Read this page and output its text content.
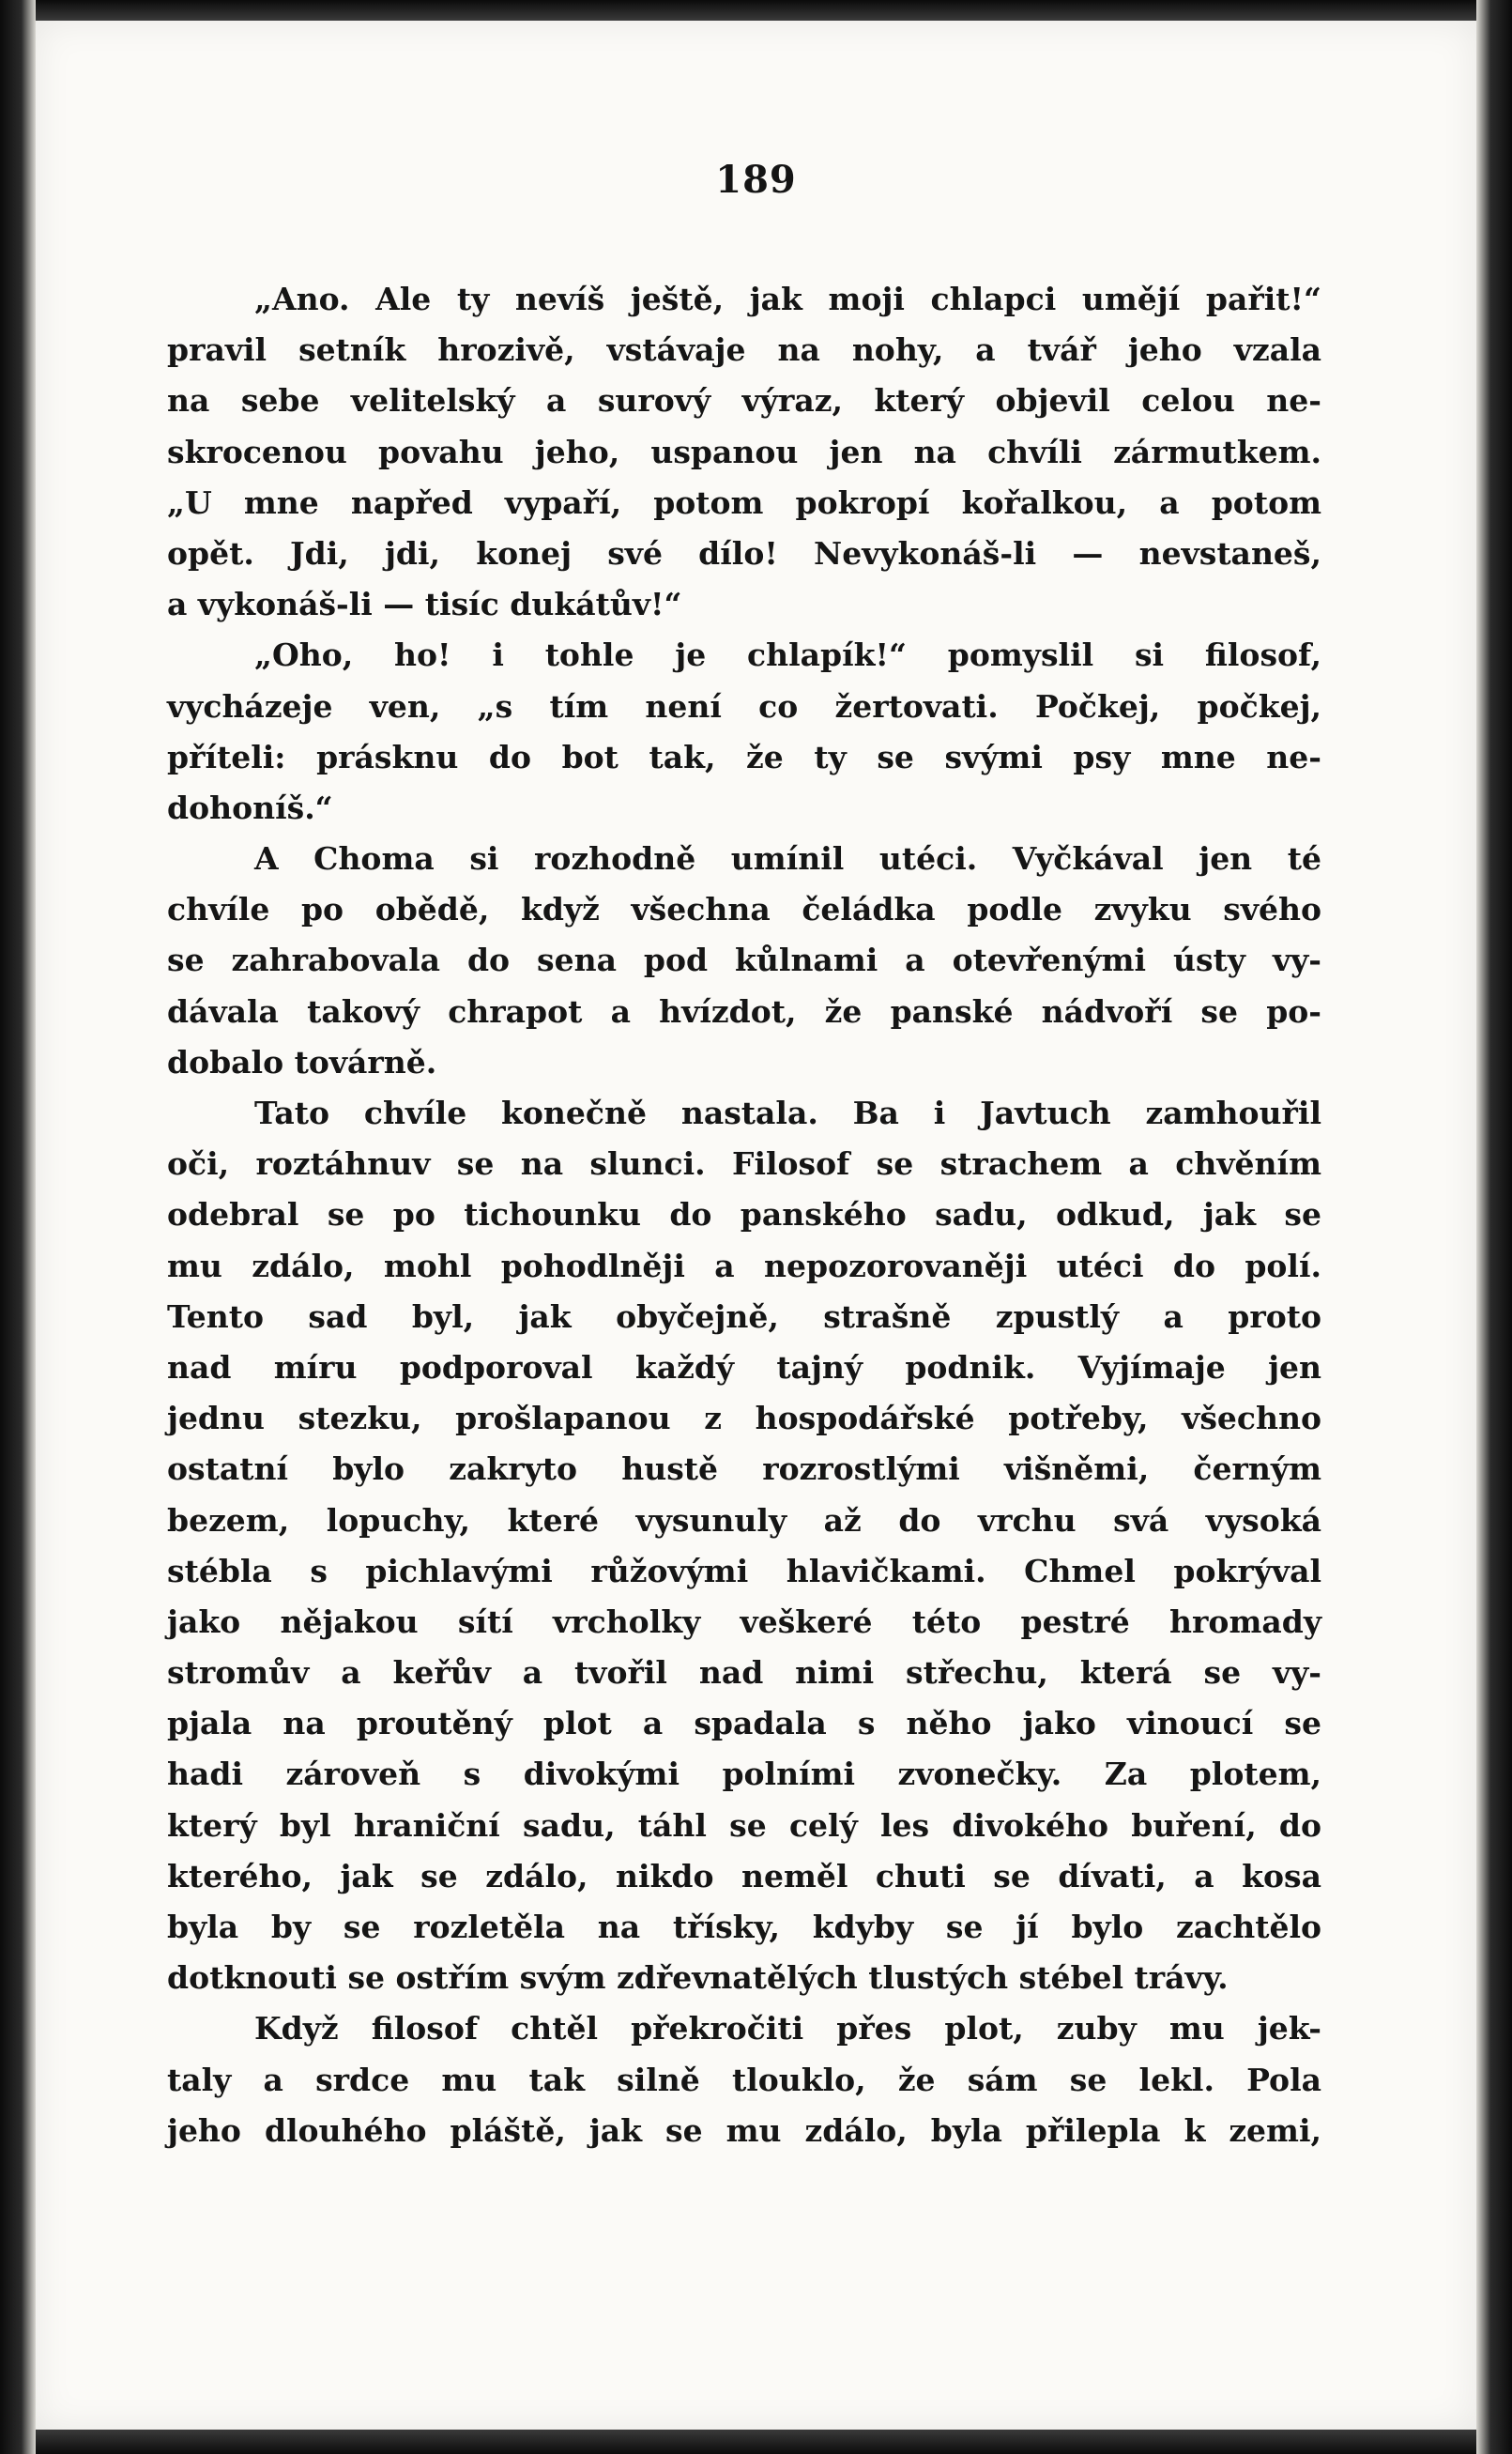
189
„Ano. Ale ty nevíš ještě, jak moji chlapci umějí pařit!“
pravil setník hrozivě, vstávaje na nohy, a tvář jeho vzala
na sebe velitelský a surový výraz, který objevil celou ne-
skrocenou povahu jeho, uspanou jen na chvíli zármutkem.
„U mne napřed vypaří, potom pokropí kořalkou, a potom
opět. Jdi, jdi, konej své dílo! Nevykonáš-li — nevstaneš,
a vykonáš-li — tisíc dukátův!“
„Oho, ho! i tohle je chlapík!“ pomyslil si filosof,
vycházeje ven, „s tím není co žertovati. Počkej, počkej,
příteli: prásknu do bot tak, že ty se svými psy mne ne-
dohoníš.“
A Choma si rozhodně umínil utéci. Vyčkával jen té
chvíle po obědě, když všechna čeládka podle zvyku svého
se zahrabovala do sena pod kůlnami a otevřenými ústy vy-
dávala takový chrapot a hvízdot, že panské nádvoří se po-
dobalo továrně.
Tato chvíle konečně nastala. Ba i Javtuch zamhouřil
oči, roztáhnuv se na slunci. Filosof se strachem a chvěním
odebral se po tichounku do panského sadu, odkud, jak se
mu zdálo, mohl pohodlněji a nepozorovaněji utéci do polí.
Tento sad byl, jak obyčejně, strašně zpustlý a proto
nad míru podporoval každý tajný podnik. Vyjímaje jen
jednu stezku, prošlapanou z hospodářské potřeby, všechno
ostatní bylo zakryto hustě rozrostlými višněmi, černým
bezem, lopuchy, které vysunuly až do vrchu svá vysoká
stébla s pichlavými růžovými hlavičkami. Chmel pokrýval
jako nějakou sítí vrcholky veškeré této pestré hromady
stromův a keřův a tvořil nad nimi střechu, která se vy-
pjala na proutěný plot a spadala s něho jako vinoucí se
hadi zároveň s divokými polními zvonečky. Za plotem,
který byl hraniční sadu, táhl se celý les divokého buření, do
kterého, jak se zdálo, nikdo neměl chuti se dívati, a kosa
byla by se rozletěla na třísky, kdyby se jí bylo zachtělo
dotknouti se ostřím svým zdřevnatělých tlustých stébel trávy.
Když filosof chtěl překročiti přes plot, zuby mu jek-
taly a srdce mu tak silně tlouklo, že sám se lekl. Pola
jeho dlouhého pláště, jak se mu zdálo, byla přilepla k zemi,
